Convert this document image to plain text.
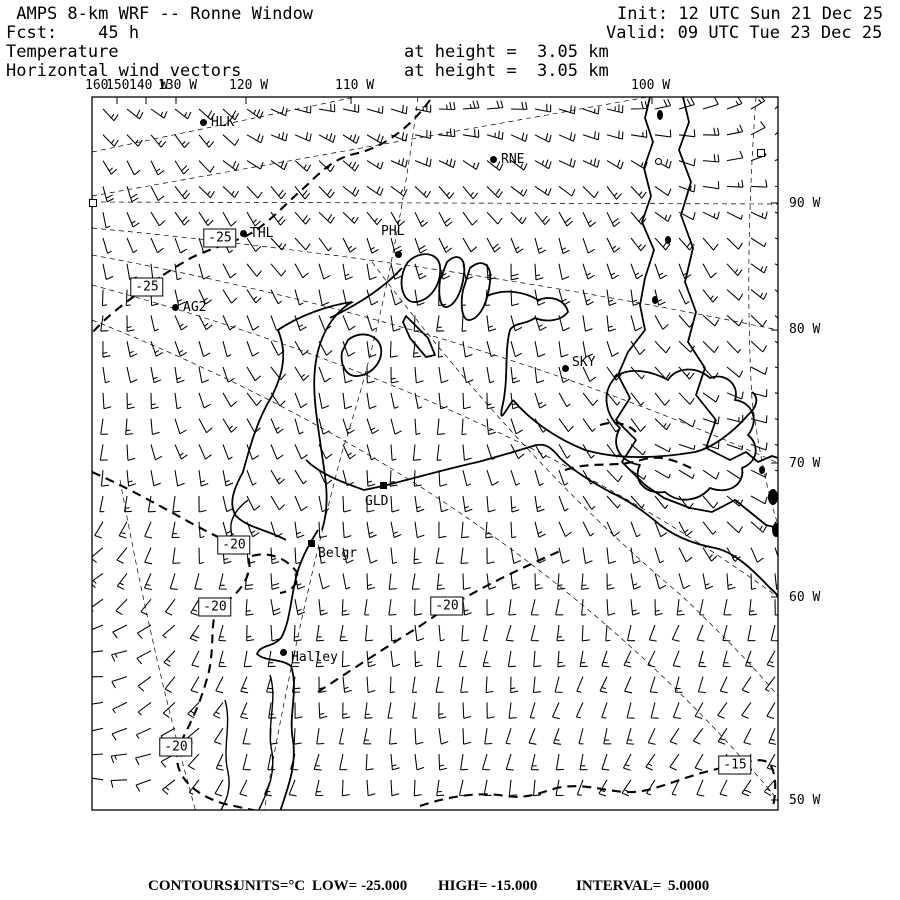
AMPS 8-km WRF -- Ronne Window
Fcst:    45 h
Init: 12 UTC Sun 21 Dec 25
Valid: 09 UTC Tue 23 Dec 25
Temperature	at height =  3.05 km
Horizontal wind vectors	at height =  3.05 km
160
150 140 W
130 W 120 W	110 W	100 W
90 W
80 W
70 W
60 W
50 W
HLK
RNE
THL
AG2
PHL
SKY
GLD
Belgr
Halley
-25
-25
-20
-20	-20
-20
-15
CONTOURS:
UNITS=°C LOW= -25.000 HIGH= -15.000	INTERVAL= 5.0000
